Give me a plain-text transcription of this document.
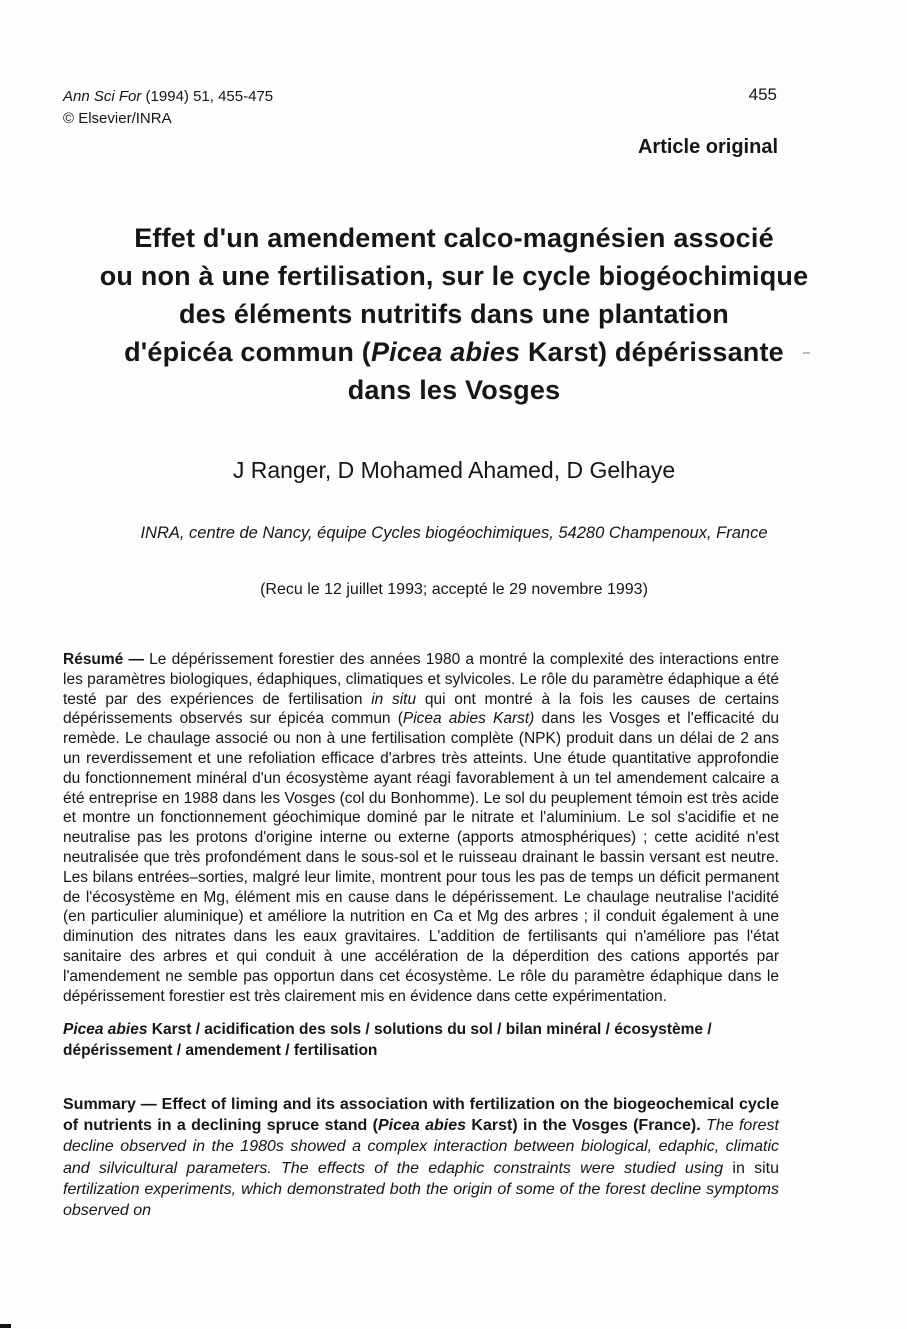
Ann Sci For (1994) 51, 455-475
© Elsevier/INRA
455
Article original
Effet d'un amendement calco-magnésien associé
ou non à une fertilisation, sur le cycle biogéochimique
des éléments nutritifs dans une plantation
d'épicéa commun (Picea abies Karst) dépérissante
dans les Vosges
J Ranger, D Mohamed Ahamed, D Gelhaye
INRA, centre de Nancy, équipe Cycles biogéochimiques, 54280 Champenoux, France
(Recu le 12 juillet 1993; accepté le 29 novembre 1993)

Résumé — Le dépérissement forestier des années 1980 a montré la complexité des interactions entre les paramètres biologiques, édaphiques, climatiques et sylvicoles. Le rôle du paramètre édaphique a été testé par des expériences de fertilisation in situ qui ont montré à la fois les causes de certains dépérissements observés sur épicéa commun (Picea abies Karst) dans les Vosges et l'efficacité du remède. Le chaulage associé ou non à une fertilisation complète (NPK) produit dans un délai de 2 ans un reverdissement et une refoliation efficace d'arbres très atteints. Une étude quantitative approfondie du fonctionnement minéral d'un écosystème ayant réagi favorablement à un tel amendement calcaire a été entreprise en 1988 dans les Vosges (col du Bonhomme). Le sol du peuplement témoin est très acide et montre un fonctionnement géochimique dominé par le nitrate et l'aluminium. Le sol s'acidifie et ne neutralise pas les protons d'origine interne ou externe (apports atmosphériques) ; cette acidité n'est neutralisée que très profondément dans le sous-sol et le ruisseau drainant le bassin versant est neutre. Les bilans entrées–sorties, malgré leur limite, montrent pour tous les pas de temps un déficit permanent de l'écosystème en Mg, élément mis en cause dans le dépérissement. Le chaulage neutralise l'acidité (en particulier aluminique) et améliore la nutrition en Ca et Mg des arbres ; il conduit également à une diminution des nitrates dans les eaux gravitaires. L'addition de fertilisants qui n'améliore pas l'état sanitaire des arbres et qui conduit à une accélération de la déperdition des cations apportés par l'amendement ne semble pas opportun dans cet écosystème. Le rôle du paramètre édaphique dans le dépérissement forestier est très clairement mis en évidence dans cette expérimentation.

Picea abies Karst / acidification des sols / solutions du sol / bilan minéral / écosystème / dépérissement / amendement / fertilisation

Summary — Effect of liming and its association with fertilization on the biogeochemical cycle of nutrients in a declining spruce stand (Picea abies Karst) in the Vosges (France). The forest decline observed in the 1980s showed a complex interaction between biological, edaphic, climatic and silvicultural parameters. The effects of the edaphic constraints were studied using in situ fertilization experiments, which demonstrated both the origin of some of the forest decline symptoms observed on
